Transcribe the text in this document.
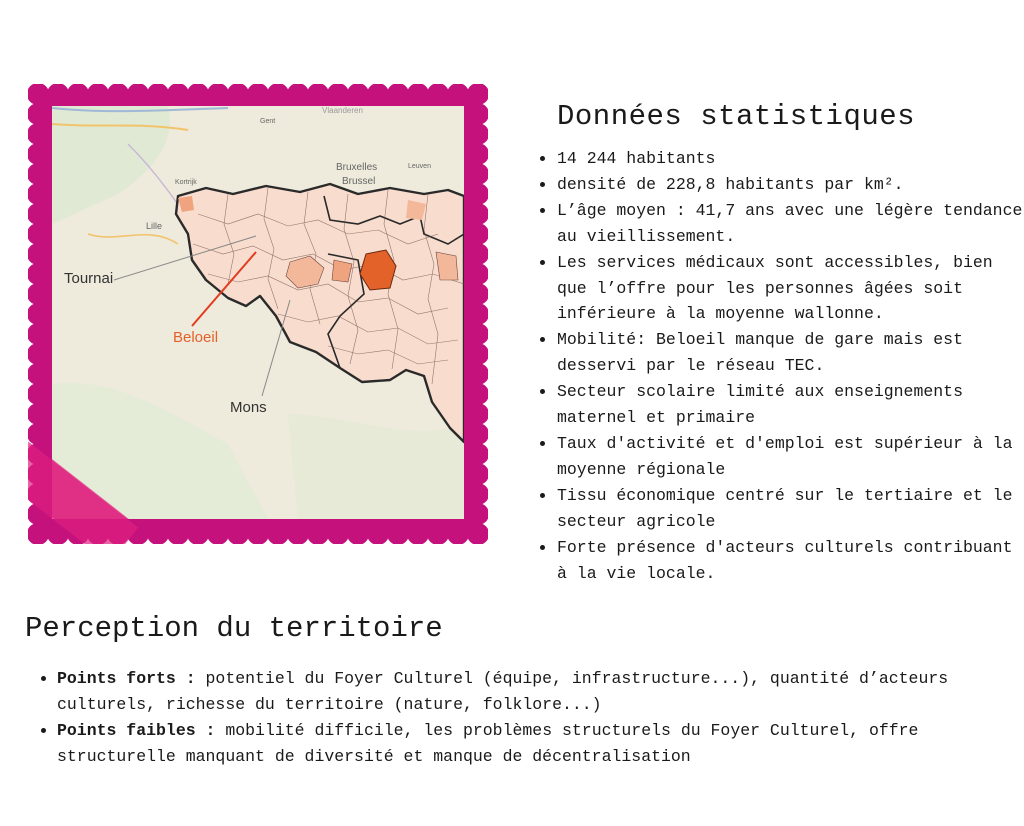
Tournai
Beloeil
Mons
Kortrijk
Lille
Gent
Vlaanderen
Bruxelles
Brussel
Leuven
Données statistiques
• 14 244 habitants
• densité de 228,8 habitants par km².
• L’âge moyen : 41,7 ans avec une légère tendance au vieillissement.
• Les services médicaux sont accessibles, bien que l’offre pour les personnes âgées soit inférieure à la moyenne wallonne.
• Mobilité: Beloeil manque de gare mais est desservi par le réseau TEC.
• Secteur scolaire limité aux enseignements maternel et primaire
• Taux d'activité et d'emploi est supérieur à la moyenne régionale
• Tissu économique centré sur le tertiaire et le secteur agricole
• Forte présence d'acteurs culturels contribuant à la vie locale.
Perception du territoire
• Points forts : potentiel du Foyer Culturel (équipe, infrastructure...), quantité d’acteurs culturels, richesse du territoire (nature, folklore...)
• Points faibles : mobilité difficile, les problèmes structurels du Foyer Culturel, offre structurelle manquant de diversité et manque de décentralisation
